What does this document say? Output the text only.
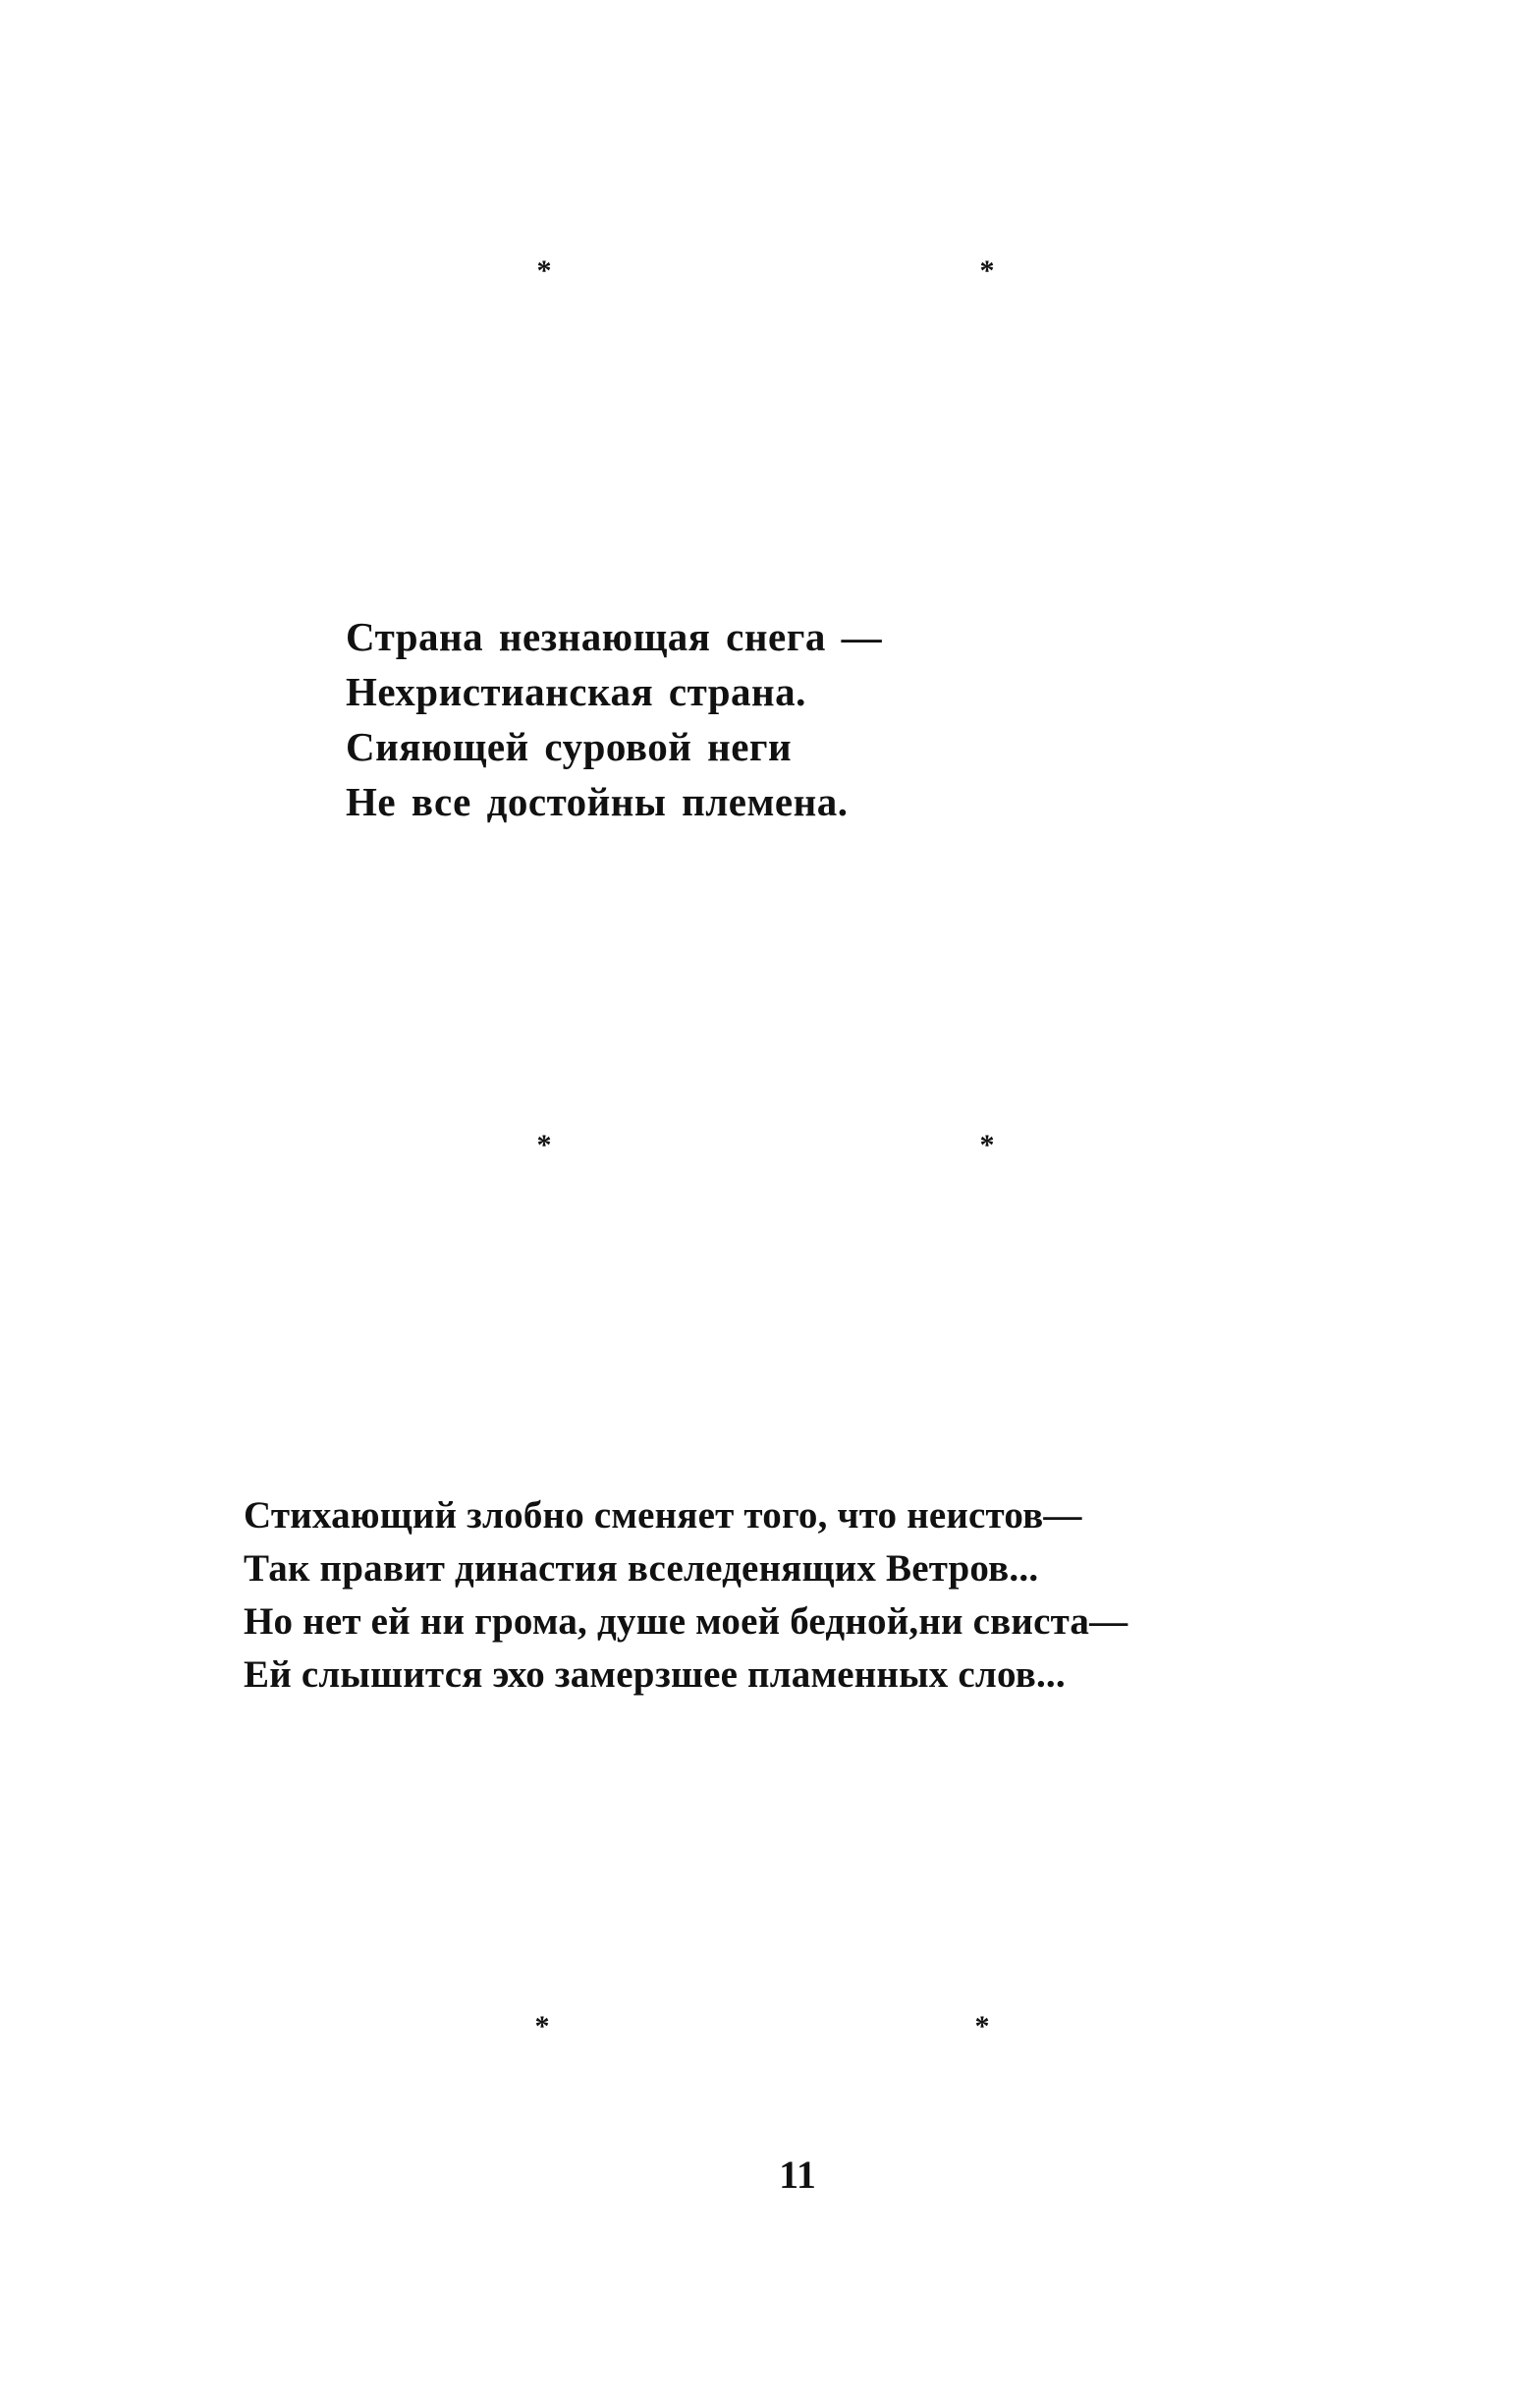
*	*
Страна незнающая снега —
Нехристианская страна.
Сияющей суровой неги
Не все достойны племена.
*	*
Стихающий злобно сменяет того, что неистов—
Так правит династия вселеденящих Ветров...
Но нет ей ни грома, душе моей бедной,ни свиста—
Ей слышится эхо замерзшее пламенных слов...
*	*
11
